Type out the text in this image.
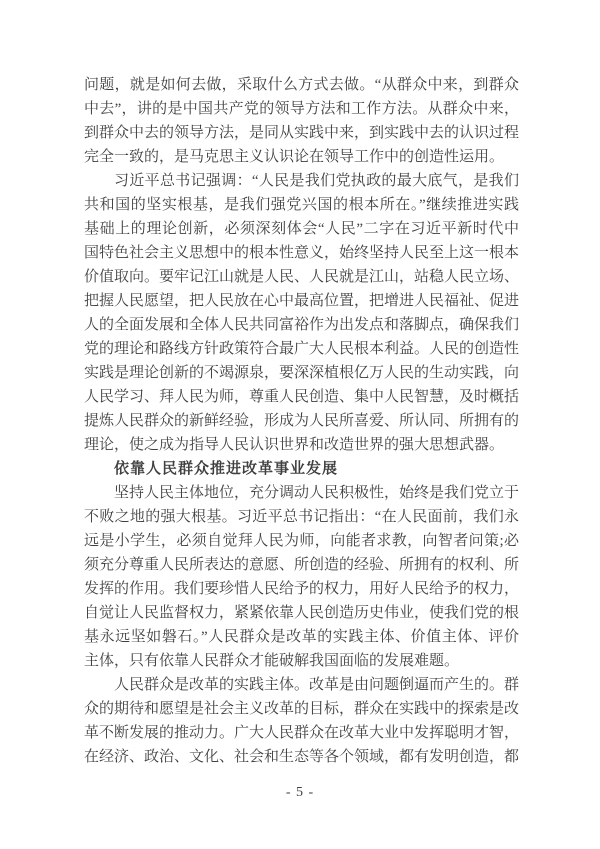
问题，就是如何去做，采取什么方式去做。“从群众中来，到群众
中去”，讲的是中国共产党的领导方法和工作方法。从群众中来，
到群众中去的领导方法，是同从实践中来，到实践中去的认识过程
完全一致的，是马克思主义认识论在领导工作中的创造性运用。
习近平总书记强调：“人民是我们党执政的最大底气，是我们
共和国的坚实根基，是我们强党兴国的根本所在。”继续推进实践
基础上的理论创新，必须深刻体会“人民”二字在习近平新时代中
国特色社会主义思想中的根本性意义，始终坚持人民至上这一根本
价值取向。要牢记江山就是人民、人民就是江山，站稳人民立场、
把握人民愿望，把人民放在心中最高位置，把增进人民福祉、促进
人的全面发展和全体人民共同富裕作为出发点和落脚点，确保我们
党的理论和路线方针政策符合最广大人民根本利益。人民的创造性
实践是理论创新的不竭源泉，要深深植根亿万人民的生动实践，向
人民学习、拜人民为师，尊重人民创造、集中人民智慧，及时概括
提炼人民群众的新鲜经验，形成为人民所喜爱、所认同、所拥有的
理论，使之成为指导人民认识世界和改造世界的强大思想武器。
依靠人民群众推进改革事业发展
坚持人民主体地位，充分调动人民积极性，始终是我们党立于
不败之地的强大根基。习近平总书记指出：“在人民面前，我们永
远是小学生，必须自觉拜人民为师，向能者求教，向智者问策;必
须充分尊重人民所表达的意愿、所创造的经验、所拥有的权利、所
发挥的作用。我们要珍惜人民给予的权力，用好人民给予的权力，
自觉让人民监督权力，紧紧依靠人民创造历史伟业，使我们党的根
基永远坚如磐石。”人民群众是改革的实践主体、价值主体、评价
主体，只有依靠人民群众才能破解我国面临的发展难题。
人民群众是改革的实践主体。改革是由问题倒逼而产生的。群
众的期待和愿望是社会主义改革的目标，群众在实践中的探索是改
革不断发展的推动力。广大人民群众在改革大业中发挥聪明才智，
在经济、政治、文化、社会和生态等各个领域，都有发明创造，都
- 5 -
